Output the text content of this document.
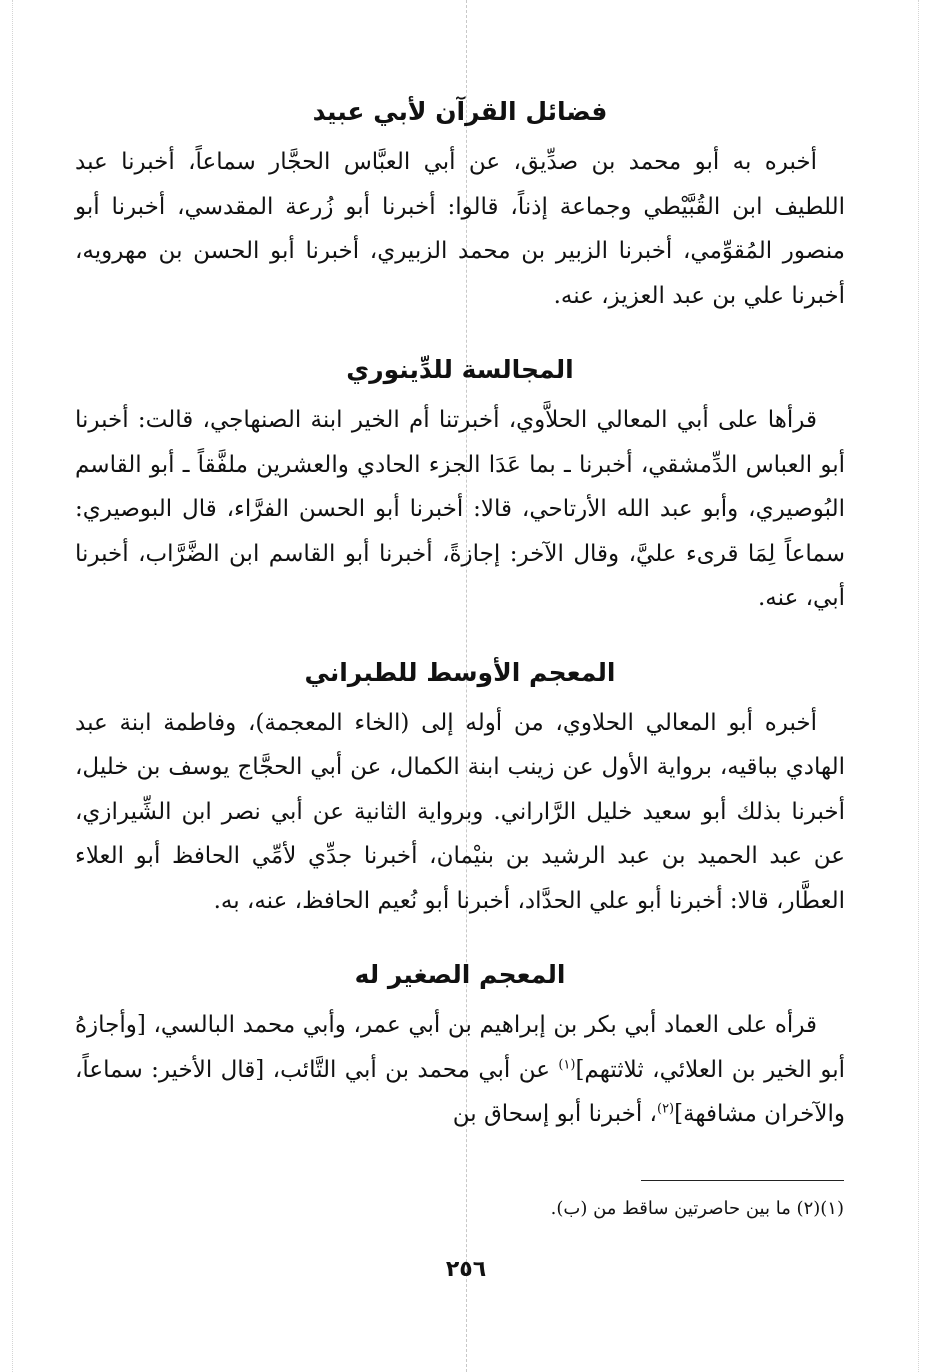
فضائل القرآن لأبي عبيد

أخبره به أبو محمد بن صدِّيق، عن أبي العبَّاس الحجَّار سماعاً، أخبرنا عبد اللطيف ابن القُبَّيْطي وجماعة إذناً، قالوا: أخبرنا أبو زُرعة المقدسي، أخبرنا أبو منصور المُقوِّمي، أخبرنا الزبير بن محمد الزبيري، أخبرنا أبو الحسن بن مهرويه، أخبرنا علي بن عبد العزيز، عنه.

المجالسة للدِّينوري

قرأها على أبي المعالي الحلاَّوي، أخبرتنا أم الخير ابنة الصنهاجي، قالت: أخبرنا أبو العباس الدِّمشقي، أخبرنا ـ بما عَدَا الجزء الحادي والعشرين ملفَّقاً ـ أبو القاسم البُوصيري، وأبو عبد الله الأرتاحي، قالا: أخبرنا أبو الحسن الفرَّاء، قال البوصيري: سماعاً لِمَا قرىء عليَّ، وقال الآخر: إجازةً، أخبرنا أبو القاسم ابن الضَّرَّاب، أخبرنا أبي، عنه.

المعجم الأوسط للطبراني

أخبره أبو المعالي الحلاوي، من أوله إلى (الخاء المعجمة)، وفاطمة ابنة عبد الهادي بباقيه، برواية الأول عن زينب ابنة الكمال، عن أبي الحجَّاج يوسف بن خليل، أخبرنا بذلك أبو سعيد خليل الرَّاراني. وبرواية الثانية عن أبي نصر ابن الشِّيرازي، عن عبد الحميد بن عبد الرشيد بن بنيْمان، أخبرنا جدِّي لأمِّي الحافظ أبو العلاء العطَّار، قالا: أخبرنا أبو علي الحدَّاد، أخبرنا أبو نُعيم الحافظ، عنه، به.

المعجم الصغير له

قرأه على العماد أبي بكر بن إبراهيم بن أبي عمر، وأبي محمد البالسي، [وأجازهُ أبو الخير بن العلائي، ثلاثتهم]$^{(١)}$ عن أبي محمد بن أبي التَّائب، [قال الأخير: سماعاً، والآخران مشافهة]$^{(٢)}$، أخبرنا أبو إسحاق بن

(١)(٢) ما بين حاصرتين ساقط من (ب).
٢٥٦
